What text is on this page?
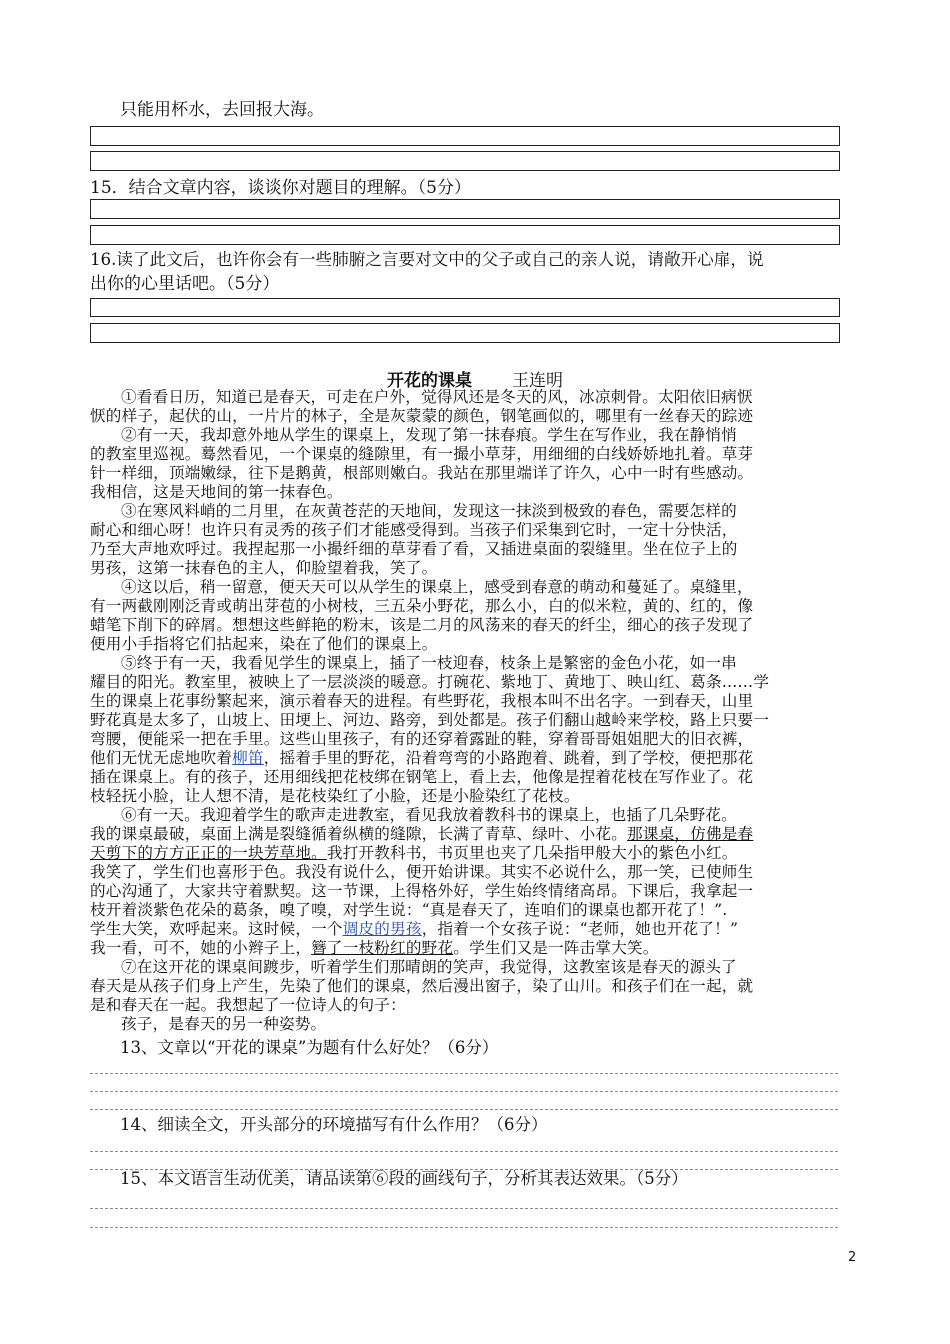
只能用杯水，去回报大海。
15．结合文章内容，谈谈你对题目的理解。（5分）
16.读了此文后，也许你会有一些肺腑之言要对文中的父子或自己的亲人说，请敞开心扉，说
出你的心里话吧。（5分）
开花的课桌 王连明

①看看日历，知道已是春天，可走在户外，觉得风还是冬天的风，冰凉刺骨。太阳依旧病恹

恹的样子，起伏的山，一片片的林子，全是灰蒙蒙的颜色，钢笔画似的，哪里有一丝春天的踪迹

②有一天，我却意外地从学生的课桌上，发现了第一抹春痕。学生在写作业，我在静悄悄

的教室里巡视。蓦然看见，一个课桌的缝隙里，有一撮小草芽，用细细的白线娇娇地扎着。草芽

针一样细，顶端嫩绿，往下是鹅黄，根部则嫩白。我站在那里端详了许久，心中一时有些感动。

我相信，这是天地间的第一抹春色。

③在寒风料峭的二月里，在灰黄苍茫的天地间，发现这一抹淡到极致的春色，需要怎样的

耐心和细心呀！也许只有灵秀的孩子们才能感受得到。当孩子们采集到它时，一定十分快活，

乃至大声地欢呼过。我捏起那一小撮纤细的草芽看了看，又插进桌面的裂缝里。坐在位子上的

男孩，这第一抹春色的主人，仰脸望着我，笑了。

④这以后，稍一留意，便天天可以从学生的课桌上，感受到春意的萌动和蔓延了。桌缝里，

有一两截刚刚泛青或萌出芽苞的小树枝，三五朵小野花，那么小，白的似米粒，黄的、红的，像

蜡笔下削下的碎屑。想想这些鲜艳的粉末，该是二月的风荡来的春天的纤尘，细心的孩子发现了

便用小手指将它们拈起来，染在了他们的课桌上。

⑤终于有一天，我看见学生的课桌上，插了一枝迎春，枝条上是繁密的金色小花，如一串

耀目的阳光。教室里，被映上了一层淡淡的暖意。打碗花、紫地丁、黄地丁、映山红、葛条……学

生的课桌上花事纷繁起来，演示着春天的进程。有些野花，我根本叫不出名字。一到春天，山里

野花真是太多了，山坡上、田埂上、河边、路旁，到处都是。孩子们翻山越岭来学校，路上只要一

弯腰，便能采一把在手里。这些山里孩子，有的还穿着露趾的鞋，穿着哥哥姐姐肥大的旧衣裤，

他们无忧无虑地吹着柳笛，摇着手里的野花，沿着弯弯的小路跑着、跳着，到了学校，便把那花

插在课桌上。有的孩子，还用细线把花枝绑在钢笔上，看上去，他像是捏着花枝在写作业了。花

枝轻抚小脸，让人想不清，是花枝染红了小脸，还是小脸染红了花枝。

⑥有一天。我迎着学生的歌声走进教室，看见我放着教科书的课桌上，也插了几朵野花。

我的课桌最破，桌面上满是裂缝循着纵横的缝隙，长满了青草、绿叶、小花。那课桌，仿佛是春

天剪下的方方正正的一块芳草地。我打开教科书，书页里也夹了几朵指甲般大小的紫色小红。

我笑了，学生们也喜形于色。我没有说什么，便开始讲课。其实不必说什么，那一笑，已使师生

的心沟通了，大家共守着默契。这一节课，上得格外好，学生始终情绪高昂。下课后，我拿起一

枝开着淡紫色花朵的葛条，嗅了嗅，对学生说：“真是春天了，连咱们的课桌也都开花了！”.

学生大笑，欢呼起来。这时候，一个调皮的男孩，指着一个女孩子说：“老师，她也开花了！”

我一看，可不，她的小辫子上，簪了一枝粉红的野花。学生们又是一阵击掌大笑。

⑦在这开花的课桌间踱步，听着学生们那晴朗的笑声，我觉得，这教室该是春天的源头了

春天是从孩子们身上产生，先染了他们的课桌，然后漫出窗子，染了山川。和孩子们在一起，就

是和春天在一起。我想起了一位诗人的句子：

孩子，是春天的另一种姿势。

13、文章以“开花的课桌”为题有什么好处？（6分）
14、细读全文，开头部分的环境描写有什么作用？（6分）
15、本文语言生动优美，请品读第⑥段的画线句子，分析其表达效果。（5分）
2
